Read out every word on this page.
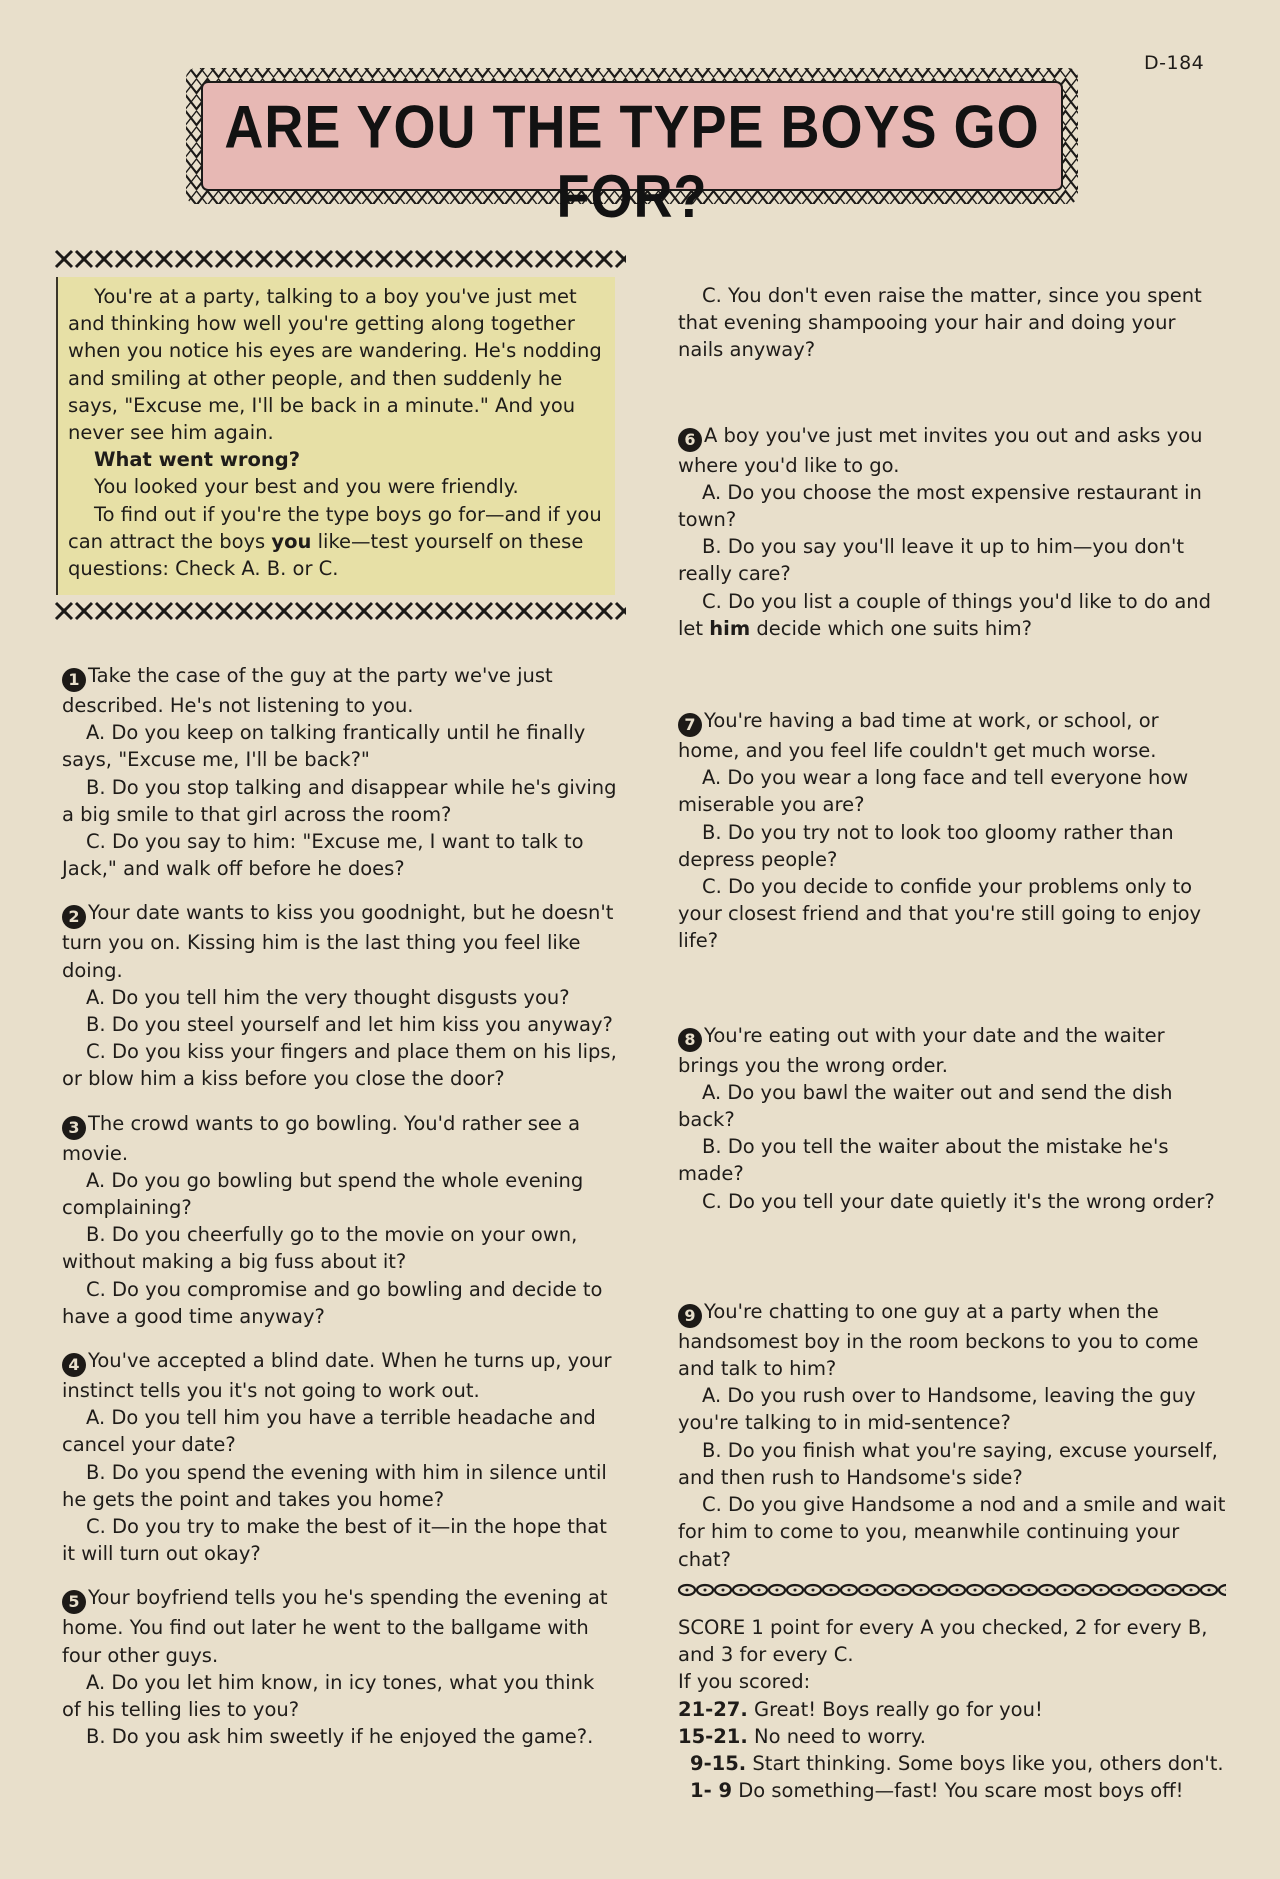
D-184
ARE YOU THE TYPE BOYS GO FOR?

You're at a party, talking to a boy you've just met and thinking how well you're getting along together when you notice his eyes are wandering. He's nodding and smiling at other people, and then suddenly he says, "Excuse me, I'll be back in a minute." And you never see him again.

What went wrong?

You looked your best and you were friendly.

To find out if you're the type boys go for—and if you can attract the boys you like—test yourself on these questions: Check A. B. or C.

1 Take the case of the guy at the party we've just described. He's not listening to you.

A. Do you keep on talking frantically until he finally says, "Excuse me, I'll be back?"

B. Do you stop talking and disappear while he's giving a big smile to that girl across the room?

C. Do you say to him: "Excuse me, I want to talk to Jack," and walk off before he does?

2 Your date wants to kiss you goodnight, but he doesn't turn you on. Kissing him is the last thing you feel like doing.

A. Do you tell him the very thought disgusts you?

B. Do you steel yourself and let him kiss you anyway?

C. Do you kiss your fingers and place them on his lips, or blow him a kiss before you close the door?

3 The crowd wants to go bowling. You'd rather see a movie.

A. Do you go bowling but spend the whole evening complaining?

B. Do you cheerfully go to the movie on your own, without making a big fuss about it?

C. Do you compromise and go bowling and decide to have a good time anyway?

4 You've accepted a blind date. When he turns up, your instinct tells you it's not going to work out.

A. Do you tell him you have a terrible headache and cancel your date?

B. Do you spend the evening with him in silence until he gets the point and takes you home?

C. Do you try to make the best of it—in the hope that it will turn out okay?

5 Your boyfriend tells you he's spending the evening at home. You find out later he went to the ballgame with four other guys.

A. Do you let him know, in icy tones, what you think of his telling lies to you?

B. Do you ask him sweetly if he enjoyed the game?.

C. You don't even raise the matter, since you spent that evening shampooing your hair and doing your nails anyway?

6 A boy you've just met invites you out and asks you where you'd like to go.

A. Do you choose the most expensive restaurant in town?

B. Do you say you'll leave it up to him—you don't really care?

C. Do you list a couple of things you'd like to do and let him decide which one suits him?

7 You're having a bad time at work, or school, or home, and you feel life couldn't get much worse.

A. Do you wear a long face and tell everyone how miserable you are?

B. Do you try not to look too gloomy rather than depress people?

C. Do you decide to confide your problems only to your closest friend and that you're still going to enjoy life?

8 You're eating out with your date and the waiter brings you the wrong order.

A. Do you bawl the waiter out and send the dish back?

B. Do you tell the waiter about the mistake he's made?

C. Do you tell your date quietly it's the wrong order?

9 You're chatting to one guy at a party when the handsomest boy in the room beckons to you to come and talk to him?

A. Do you rush over to Handsome, leaving the guy you're talking to in mid-sentence?

B. Do you finish what you're saying, excuse yourself, and then rush to Handsome's side?

C. Do you give Handsome a nod and a smile and wait for him to come to you, meanwhile continuing your chat?

SCORE 1 point for every A you checked, 2 for every B, and 3 for every C.

If you scored:

21-27. Great! Boys really go for you!

15-21. No need to worry.

9-15. Start thinking. Some boys like you, others don't.

1- 9 Do something—fast! You scare most boys off!
